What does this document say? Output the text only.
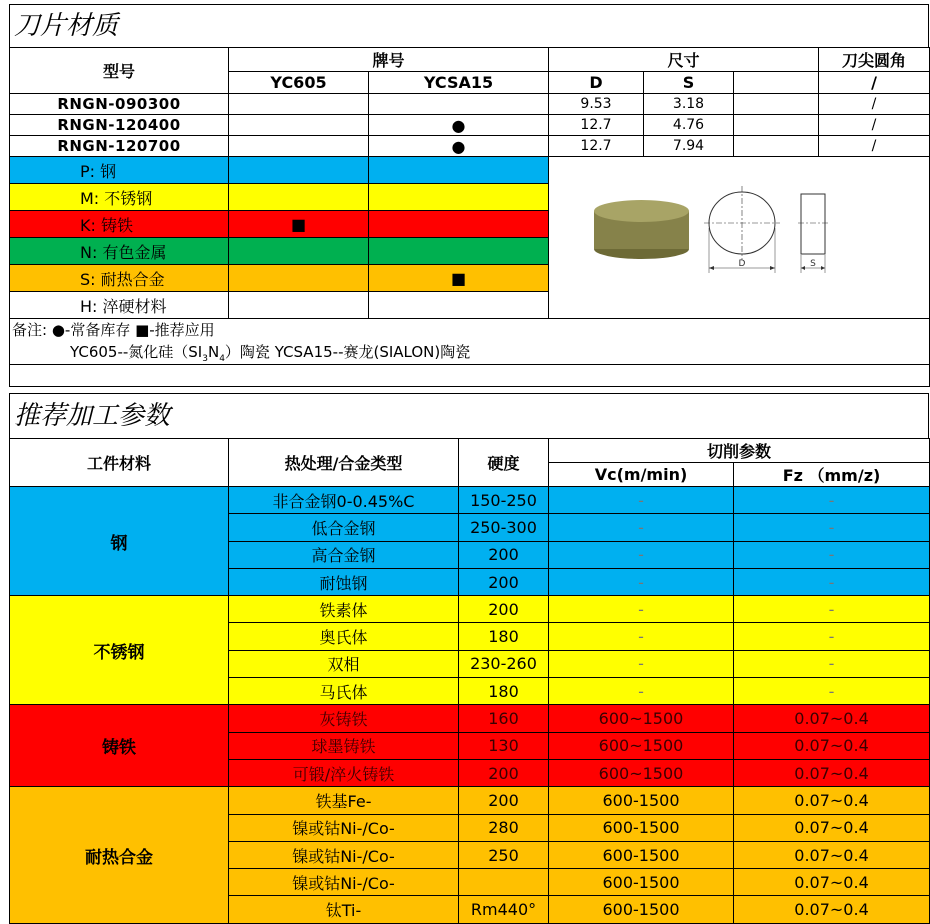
刀片材质
型号	牌号		尺寸			刀尖圆角
	YC605	YCSA15	D	S		/
RNGN-090300			9.53	3.18		/
RNGN-120400		●	12.7	4.76		/
RNGN-120700		●	12.7	7.94		/
P: 钢			D S			

M: 不锈钢						
K: 铸铁	■					
N: 有色金属						
S: 耐热合金		■				
H: 淬硬材料						
备注: ●-常备库存 ■-推荐应用						
YC605--氮化硅$(SI_3N_4)$陶瓷 YCSA15--赛龙(SIALON)陶瓷						

推荐加工参数
工件材料	热处理/合金类型	硬度	切削参数	
			Vc(m/min)	Fz （mm/z)
钢	非合金钢0-0.45%C	150-250	-	-
	低合金钢	250-300	-	-
	高合金钢	200	-	-
	耐蚀钢	200	-	-
不锈钢	铁素体	200	-	-
	奥氏体	180	-	-
	双相	230-260	-	-
	马氏体	180	-	-
铸铁	灰铸铁	160	600~1500	0.07~0.4
	球墨铸铁	130	600~1500	0.07~0.4
	可锻/淬火铸铁	200	600~1500	0.07~0.4
耐热合金	铁基Fe-	200	600-1500	0.07~0.4
	镍或钴Ni-/Co-	280	600-1500	0.07~0.4
	镍或钴Ni-/Co-	250	600-1500	0.07~0.4
	镍或钴Ni-/Co-		600-1500	0.07~0.4
	钛Ti-	Rm440°	600-1500	0.07~0.4
